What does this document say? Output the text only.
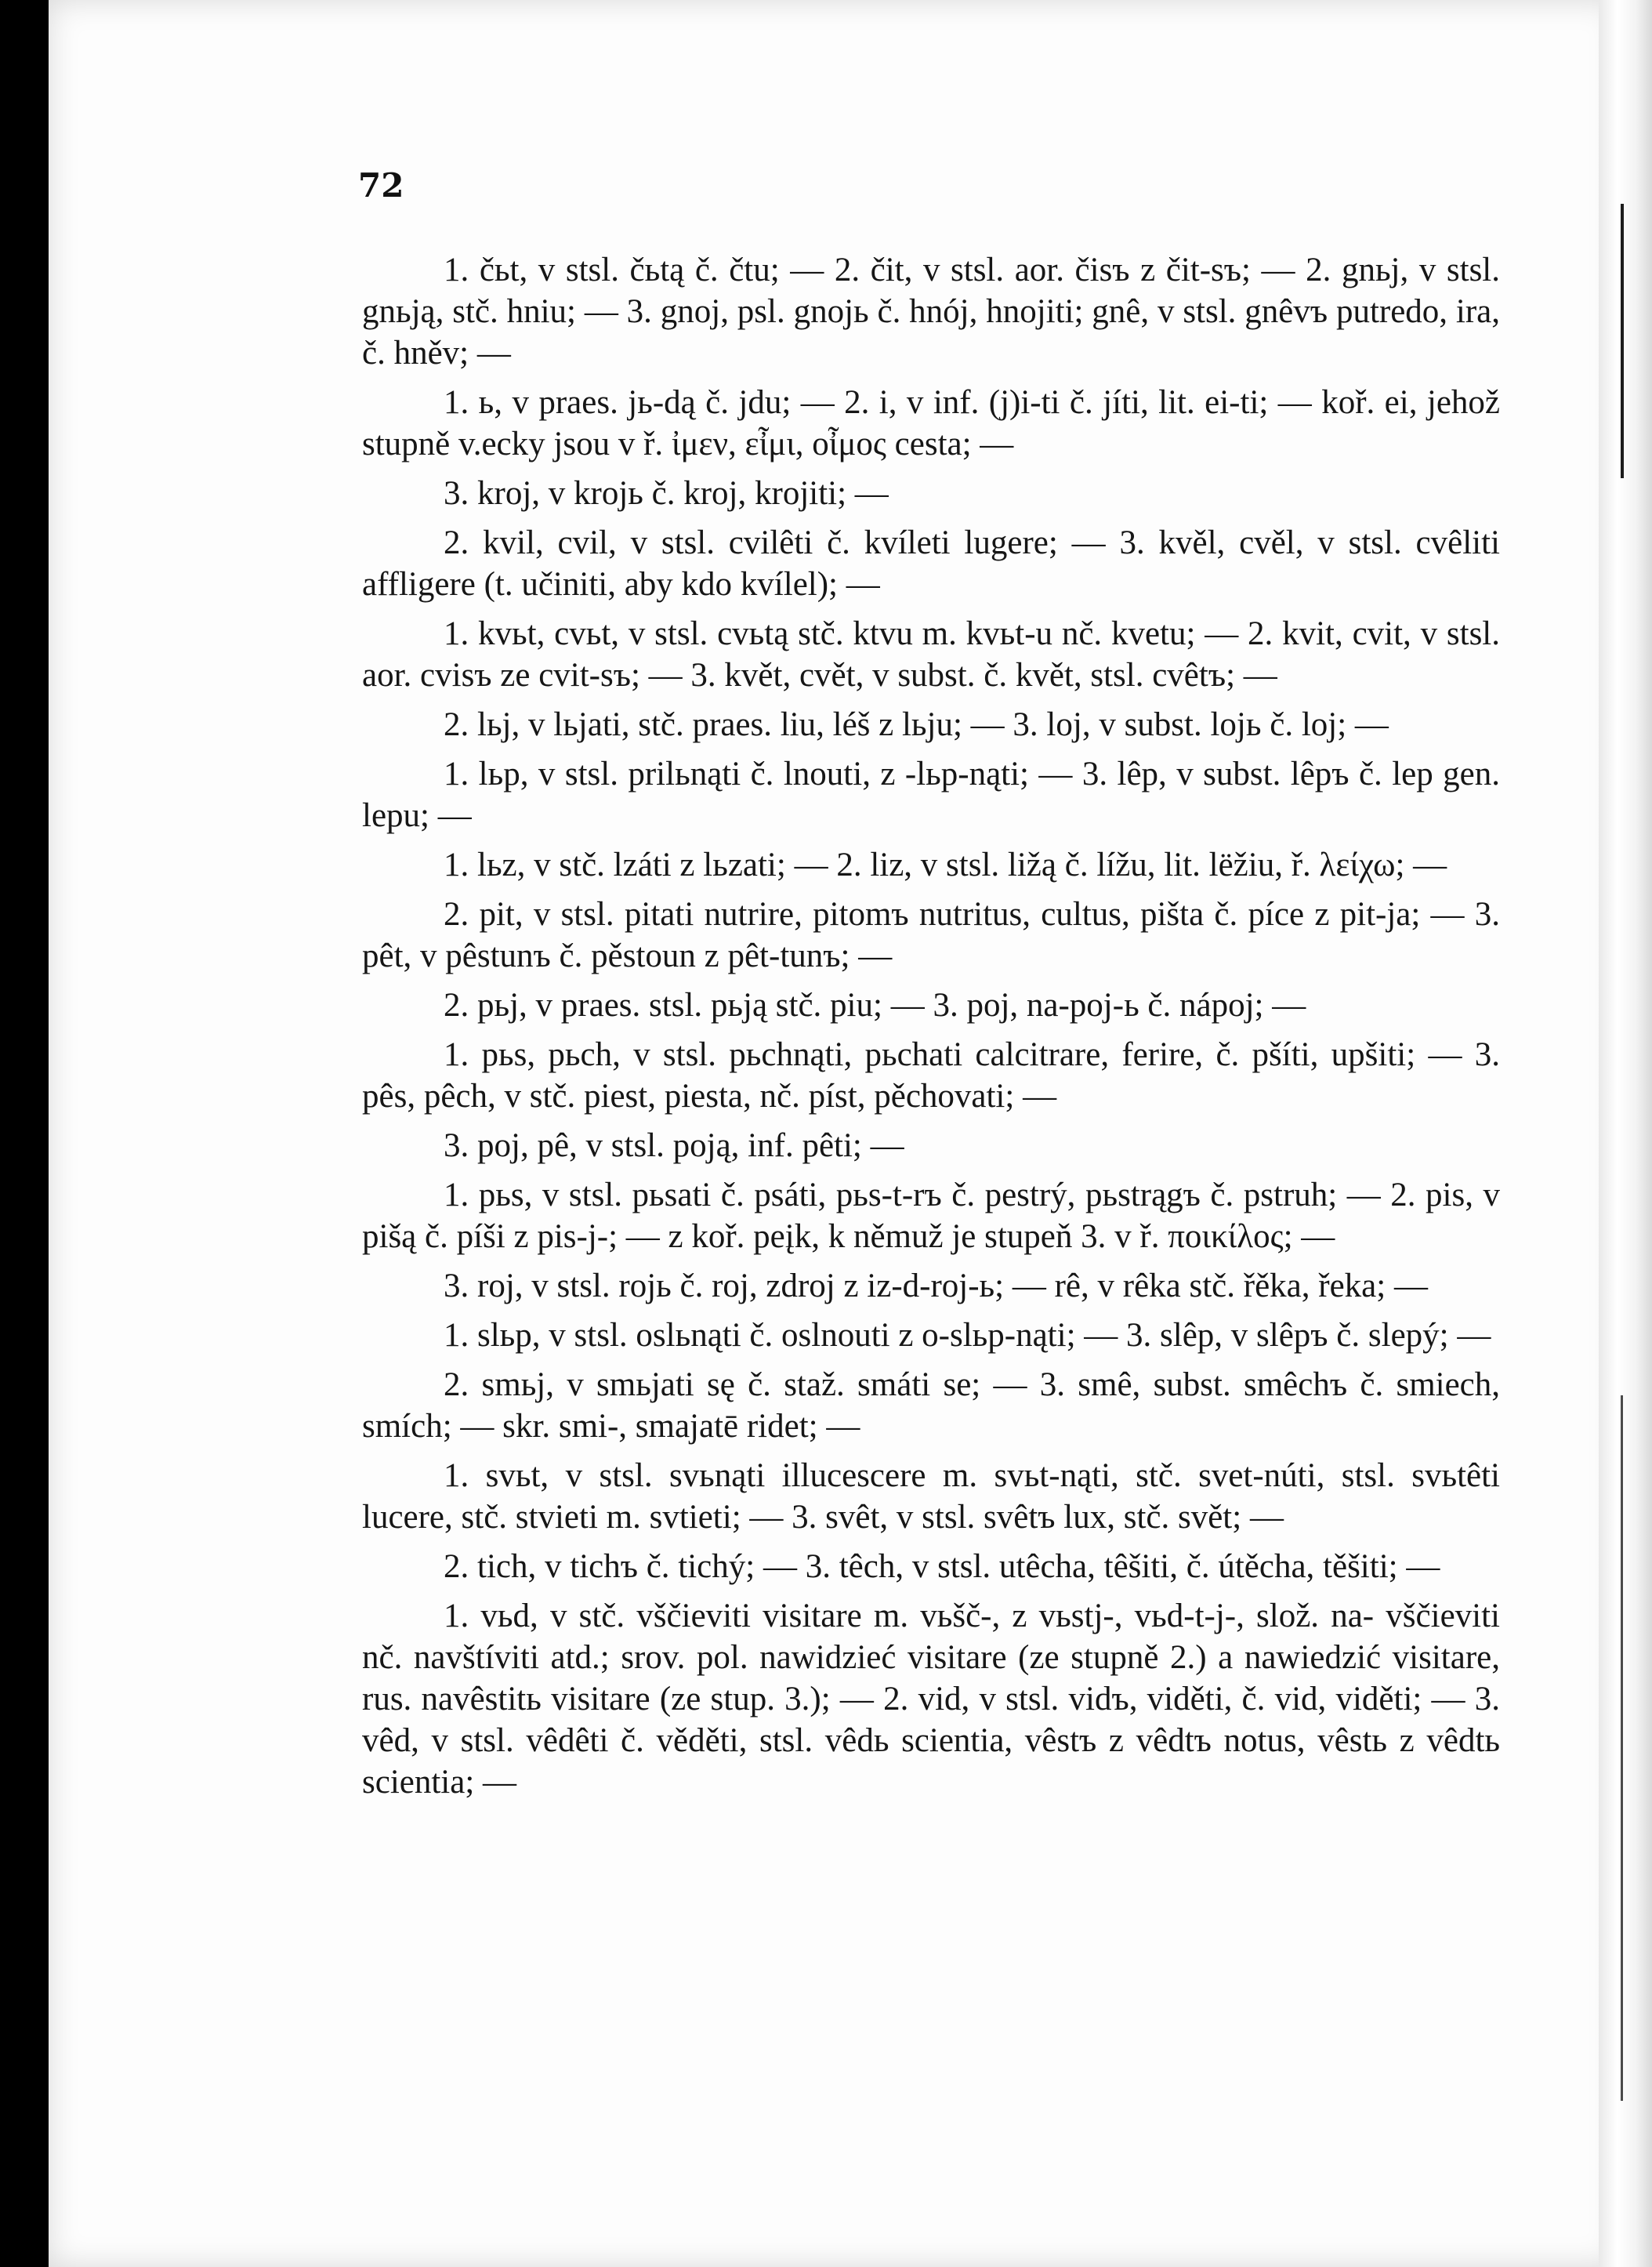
72

1. čьt, v stsl. čьtą č. čtu; — 2. čit, v stsl. aor. čisъ z čit-sъ; — 2. gnьj, v stsl. gnьją, stč. hniu; — 3. gnoj, psl. gnojь č. hnój, hnojiti; gnê, v stsl. gnêvъ putredo, ira, č. hněv; —

1. ь, v praes. jь-dą č. jdu; — 2. i, v inf. (j)i-ti č. jíti, lit. ei-ti; — koř. ei, jehož stupně v.ecky jsou v ř. ἰμεν, εἶμι, οἶμος cesta; —

3. kroj, v krojь č. kroj, krojiti; —

2. kvil, cvil, v stsl. cvilêti č. kvíleti lugere; — 3. kvěl, cvěl, v stsl. cvêliti affligere (t. učiniti, aby kdo kvílel); —

1. kvьt, cvьt, v stsl. cvьtą stč. ktvu m. kvьt-u nč. kvetu; — 2. kvit, cvit, v stsl. aor. cvisъ ze cvit-sъ; — 3. květ, cvět, v subst. č. květ, stsl. cvêtъ; —

2. lьj, v lьjati, stč. praes. liu, léš z lьju; — 3. loj, v subst. lojь č. loj; —

1. lьp, v stsl. prilьnąti č. lnouti, z -lьp-nąti; — 3. lêp, v subst. lêpъ č. lep gen. lepu; —

1. lьz, v stč. lzáti z lьzati; — 2. liz, v stsl. ližą č. lížu, lit. lëžiu, ř. λείχω; —

2. pit, v stsl. pitati nutrire, pitomъ nutritus, cultus, pišta č. píce z pit-ja; — 3. pêt, v pêstunъ č. pěstoun z pêt-tunъ; —

2. pьj, v praes. stsl. pьją stč. piu; — 3. poj, na-poj-ь č. nápoj; —

1. pьs, pьch, v stsl. pьchnąti, pьchati calcitrare, ferire, č. pšíti, upšiti; — 3. pês, pêch, v stč. piest, piesta, nč. píst, pěchovati; —

3. poj, pê, v stsl. poją, inf. pêti; —

1. pьs, v stsl. pьsati č. psáti, pьs-t-rъ č. pestrý, pьstrągъ č. pstruh; — 2. pis, v pišą č. píši z pis-j-; — z koř. peįk, k němuž je stupeň 3. v ř. ποικίλος; —

3. roj, v stsl. rojь č. roj, zdroj z iz-d-roj-ь; — rê, v rêka stč. řěka, řeka; —

1. slьp, v stsl. oslьnąti č. oslnouti z o-slьp-nąti; — 3. slêp, v slêpъ č. slepý; —

2. smьj, v smьjati sę č. stаž. smáti se; — 3. smê, subst. smêchъ č. smiech, smích; — skr. smi-, smajatē ridet; —

1. svьt, v stsl. svьnąti illucescere m. svьt-nąti, stč. svet-núti, stsl. svьtêti lucere, stč. stvieti m. svtieti; — 3. svêt, v stsl. svêtъ lux, stč. svět; —

2. tich, v tichъ č. tichý; — 3. têch, v stsl. utêcha, têšiti, č. útěcha, těšiti; —

1. vьd, v stč. vščieviti visitare m. vьšč-, z vьstj-, vьd-t-j-, slož. na- vščieviti nč. navštíviti atd.; srov. pol. nawidzieć visitare (ze stupně 2.) a nawiedzić visitare, rus. navêstitь visitare (ze stup. 3.); — 2. vid, v stsl. vidъ, viděti, č. vid, viděti; — 3. vêd, v stsl. vêdêti č. věděti, stsl. vêdь scientia, vêstъ z vêdtъ notus, vêstь z vêdtь scientia; —
